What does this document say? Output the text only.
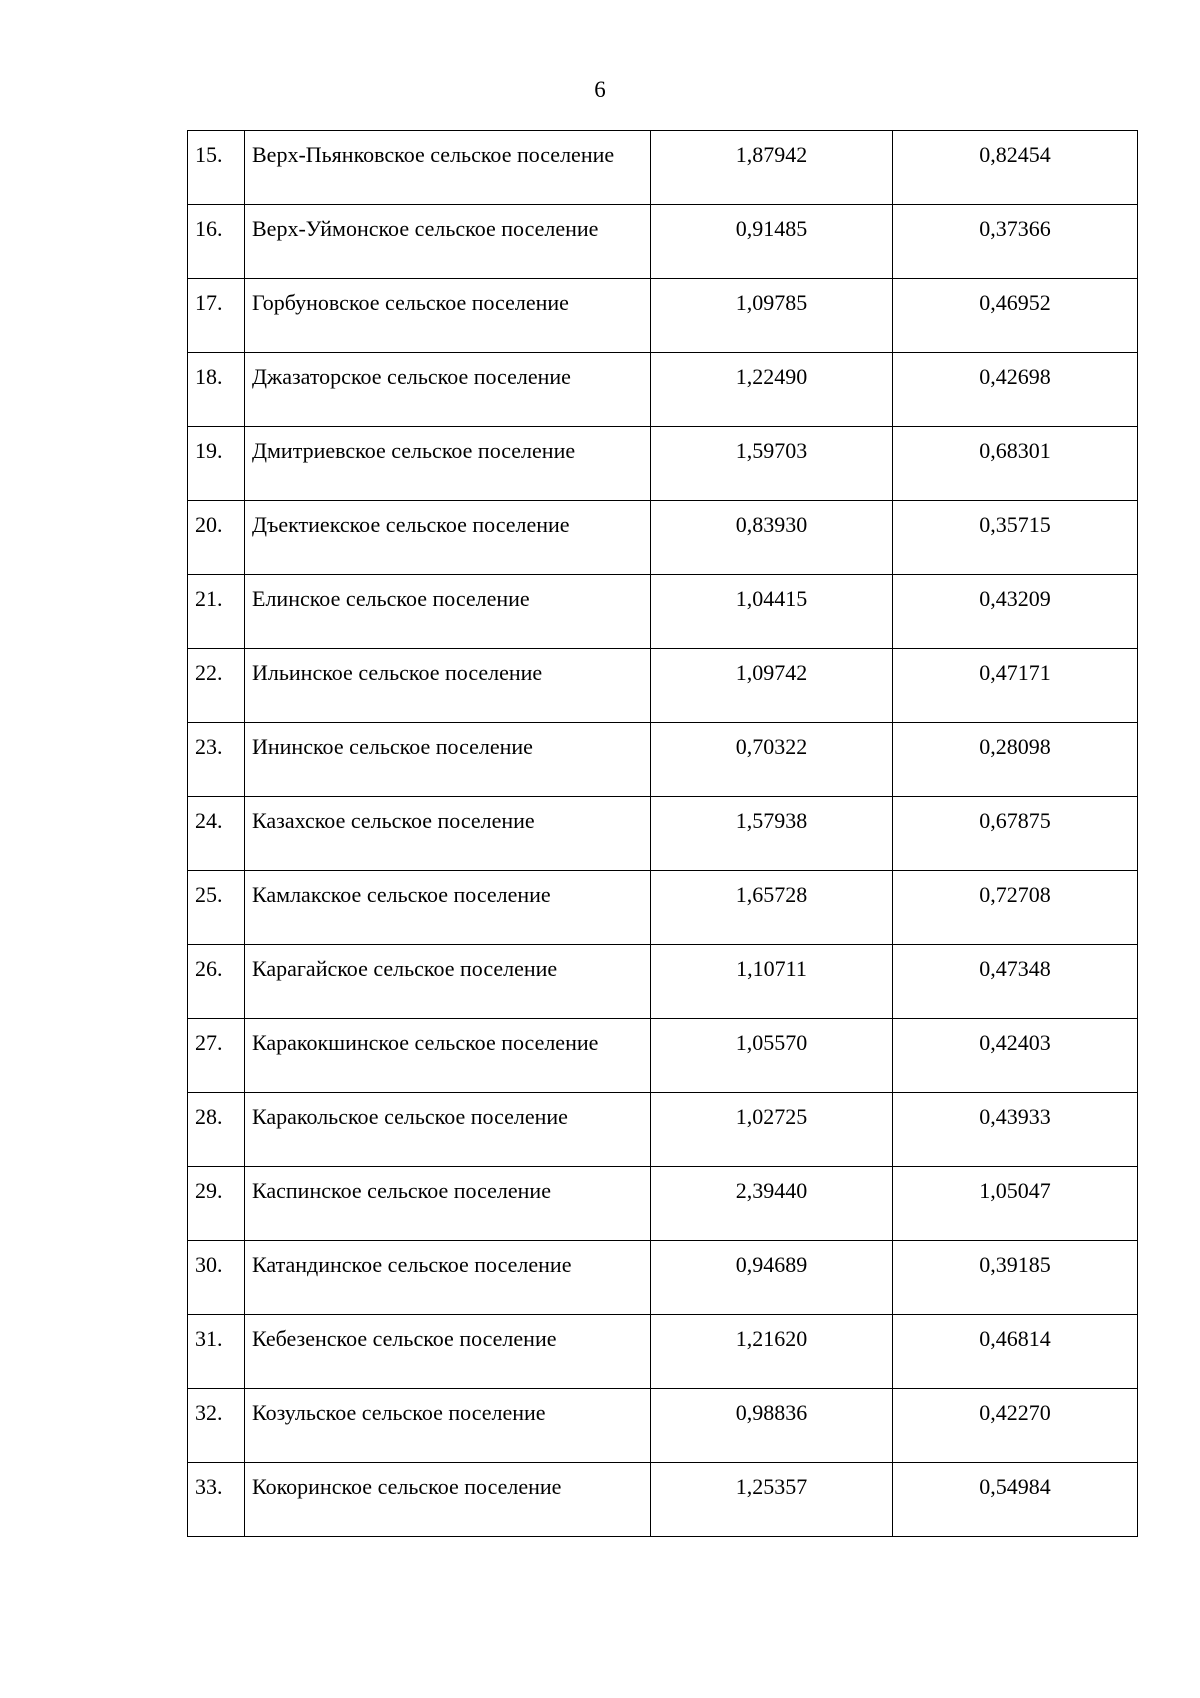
6
15.	Верх-Пьянковское сельское поселение	1,87942	0,82454
16.	Верх-Уймонское сельское поселение	0,91485	0,37366
17.	Горбуновское сельское поселение	1,09785	0,46952
18.	Джазаторское сельское поселение	1,22490	0,42698
19.	Дмитриевское сельское поселение	1,59703	0,68301
20.	Дъектиекское сельское поселение	0,83930	0,35715
21.	Елинское сельское поселение	1,04415	0,43209
22.	Ильинское сельское поселение	1,09742	0,47171
23.	Ининское сельское поселение	0,70322	0,28098
24.	Казахское сельское поселение	1,57938	0,67875
25.	Камлакское сельское поселение	1,65728	0,72708
26.	Карагайское сельское поселение	1,10711	0,47348
27.	Каракокшинское сельское поселение	1,05570	0,42403
28.	Каракольское сельское поселение	1,02725	0,43933
29.	Каспинское сельское поселение	2,39440	1,05047
30.	Катандинское сельское поселение	0,94689	0,39185
31.	Кебезенское сельское поселение	1,21620	0,46814
32.	Козульское сельское поселение	0,98836	0,42270
33.	Кокоринское сельское поселение	1,25357	0,54984
